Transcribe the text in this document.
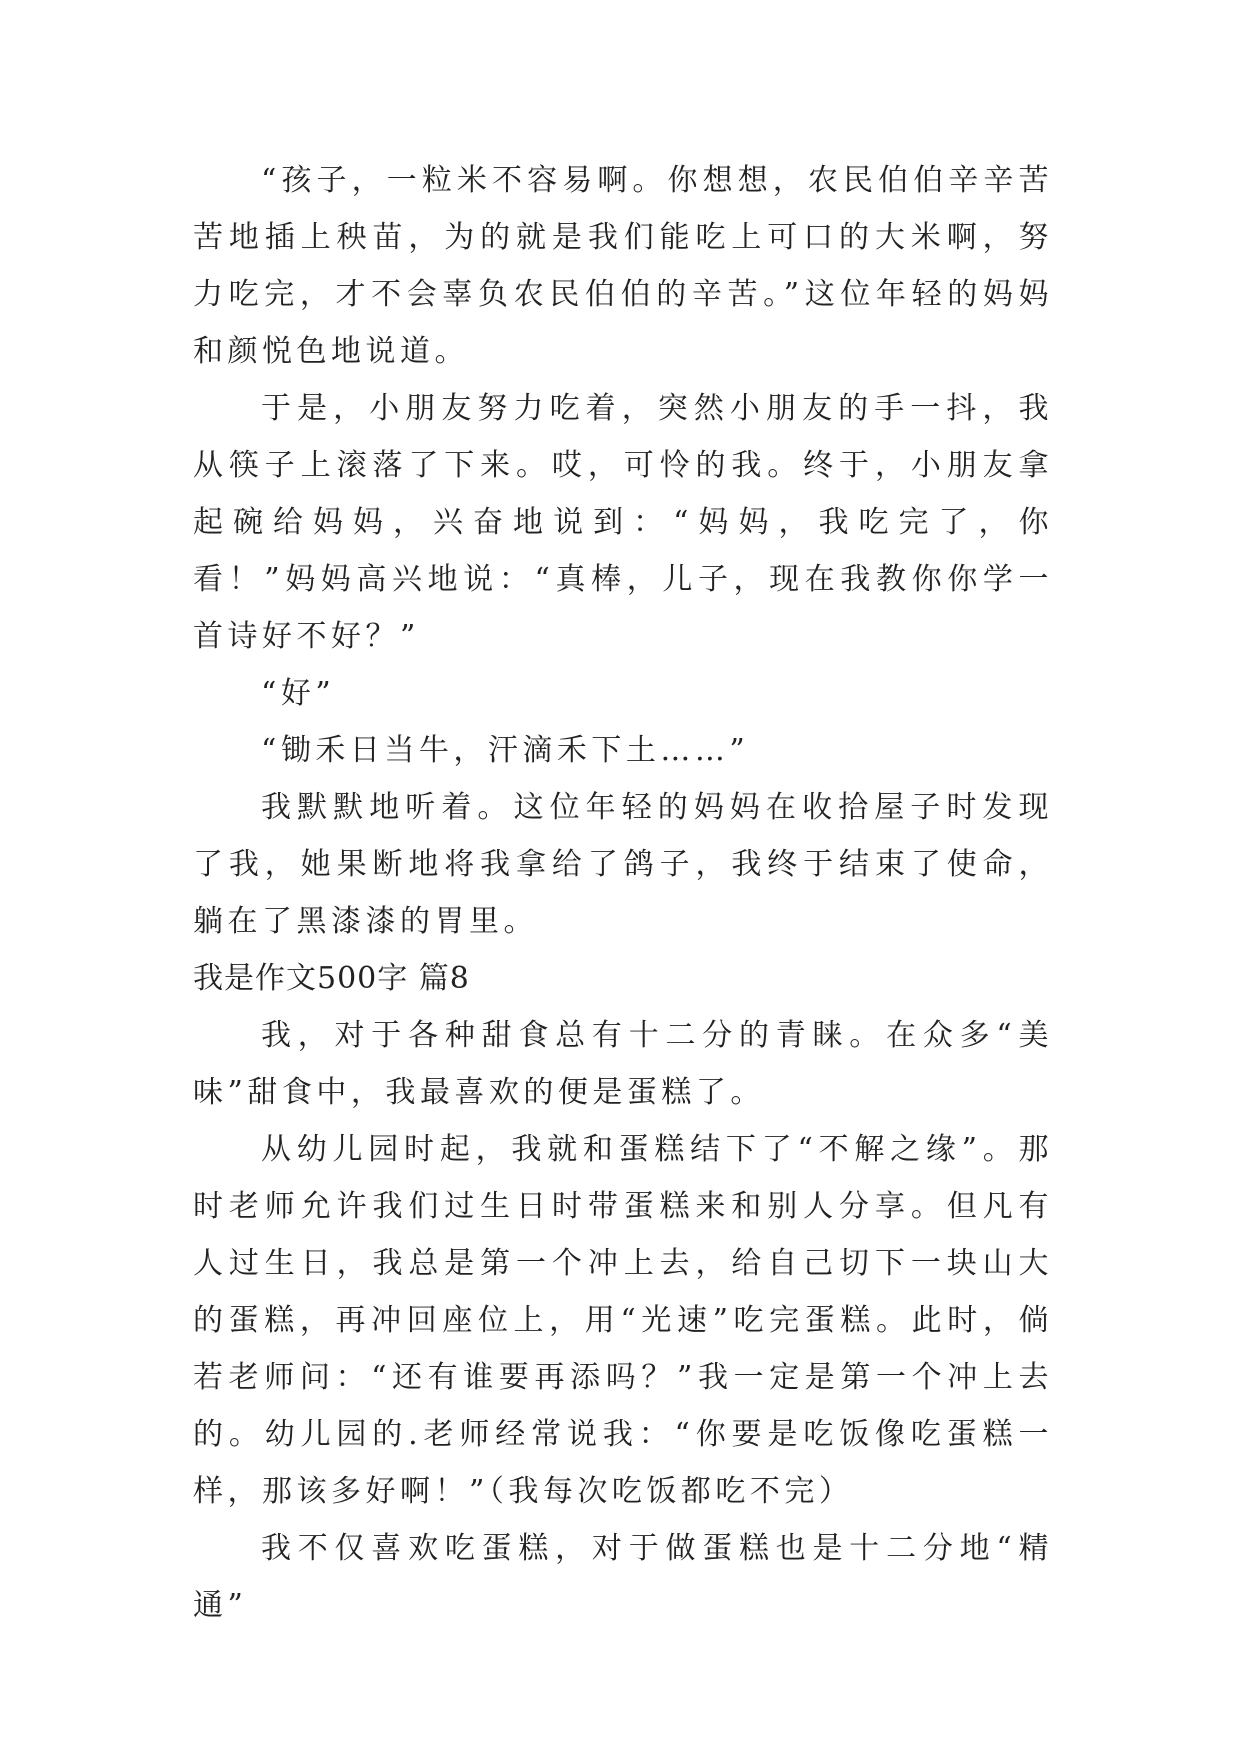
“孩子，一粒米不容易啊。你想想，农民伯伯辛辛苦苦地插上秧苗，为的就是我们能吃上可口的大米啊，努力吃完，才不会辜负农民伯伯的辛苦。”这位年轻的妈妈和颜悦色地说道。

于是，小朋友努力吃着，突然小朋友的手一抖，我从筷子上滚落了下来。哎，可怜的我。终于，小朋友拿起碗给妈妈，兴奋地说到：“妈妈，我吃完了，你看！”妈妈高兴地说：“真棒，儿子，现在我教你你学一首诗好不好？”

“好”

“锄禾日当牛，汗滴禾下土……”

我默默地听着。这位年轻的妈妈在收拾屋子时发现了我，她果断地将我拿给了鸽子，我终于结束了使命，躺在了黑漆漆的胃里。

我是作文500字 篇8

我，对于各种甜食总有十二分的青睐。在众多“美味”甜食中，我最喜欢的便是蛋糕了。

从幼儿园时起，我就和蛋糕结下了“不解之缘”。那时老师允许我们过生日时带蛋糕来和别人分享。但凡有人过生日，我总是第一个冲上去，给自己切下一块山大的蛋糕，再冲回座位上，用“光速”吃完蛋糕。此时，倘若老师问：“还有谁要再添吗？”我一定是第一个冲上去的。幼儿园的.老师经常说我：“你要是吃饭像吃蛋糕一样，那该多好啊！”（我每次吃饭都吃不完）

我不仅喜欢吃蛋糕，对于做蛋糕也是十二分地“精通”
